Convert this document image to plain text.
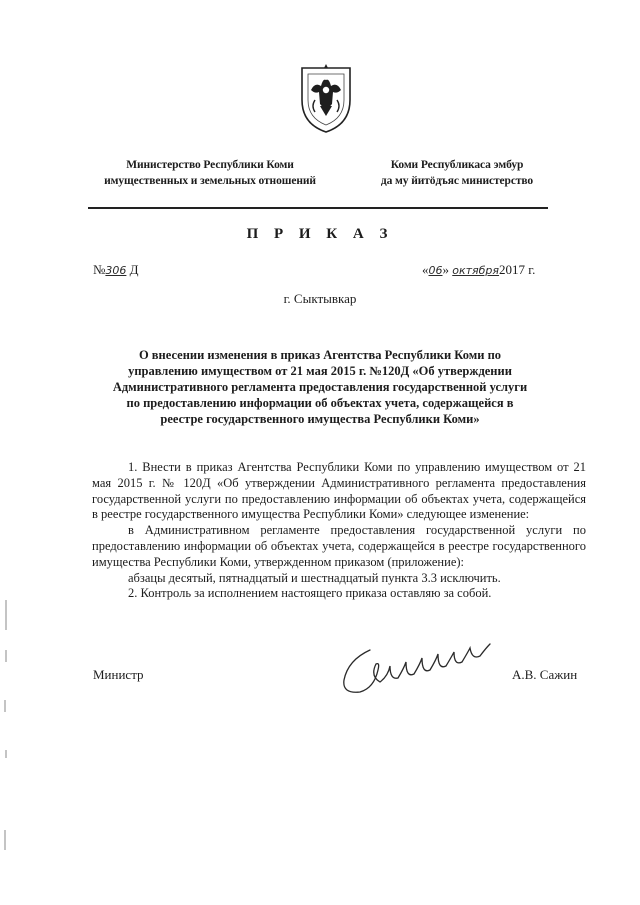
Министерство Республики Коми
имущественных и земельных отношений
Коми Республикаса эмбур
да му йитӧдъяс министерство
П Р И К А З
№306 Д	«06» октября2017 г.
г. Сыктывкар
О внесении изменения в приказ Агентства Республики Коми по
управлению имуществом от 21 мая 2015 г. №120Д «Об утверждении
Административного регламента предоставления государственной услуги
по предоставлению информации об объектах учета, содержащейся в
реестре государственного имущества Республики Коми»

1. Внести в приказ Агентства Республики Коми по управлению имуществом от 21 мая 2015 г. № 120Д «Об утверждении Административного регламента предоставления государственной услуги по предоставлению информации об объектах учета, содержащейся в реестре государственного имущества Республики Коми» следующее изменение:

в Административном регламенте предоставления государственной услуги по предоставлению информации об объектах учета, содержащейся в реестре государственного имущества Республики Коми, утвержденном приказом (приложение):

абзацы десятый, пятнадцатый и шестнадцатый пункта 3.3 исключить.

2. Контроль за исполнением настоящего приказа оставляю за собой.

Министр	А.В. Сажин
